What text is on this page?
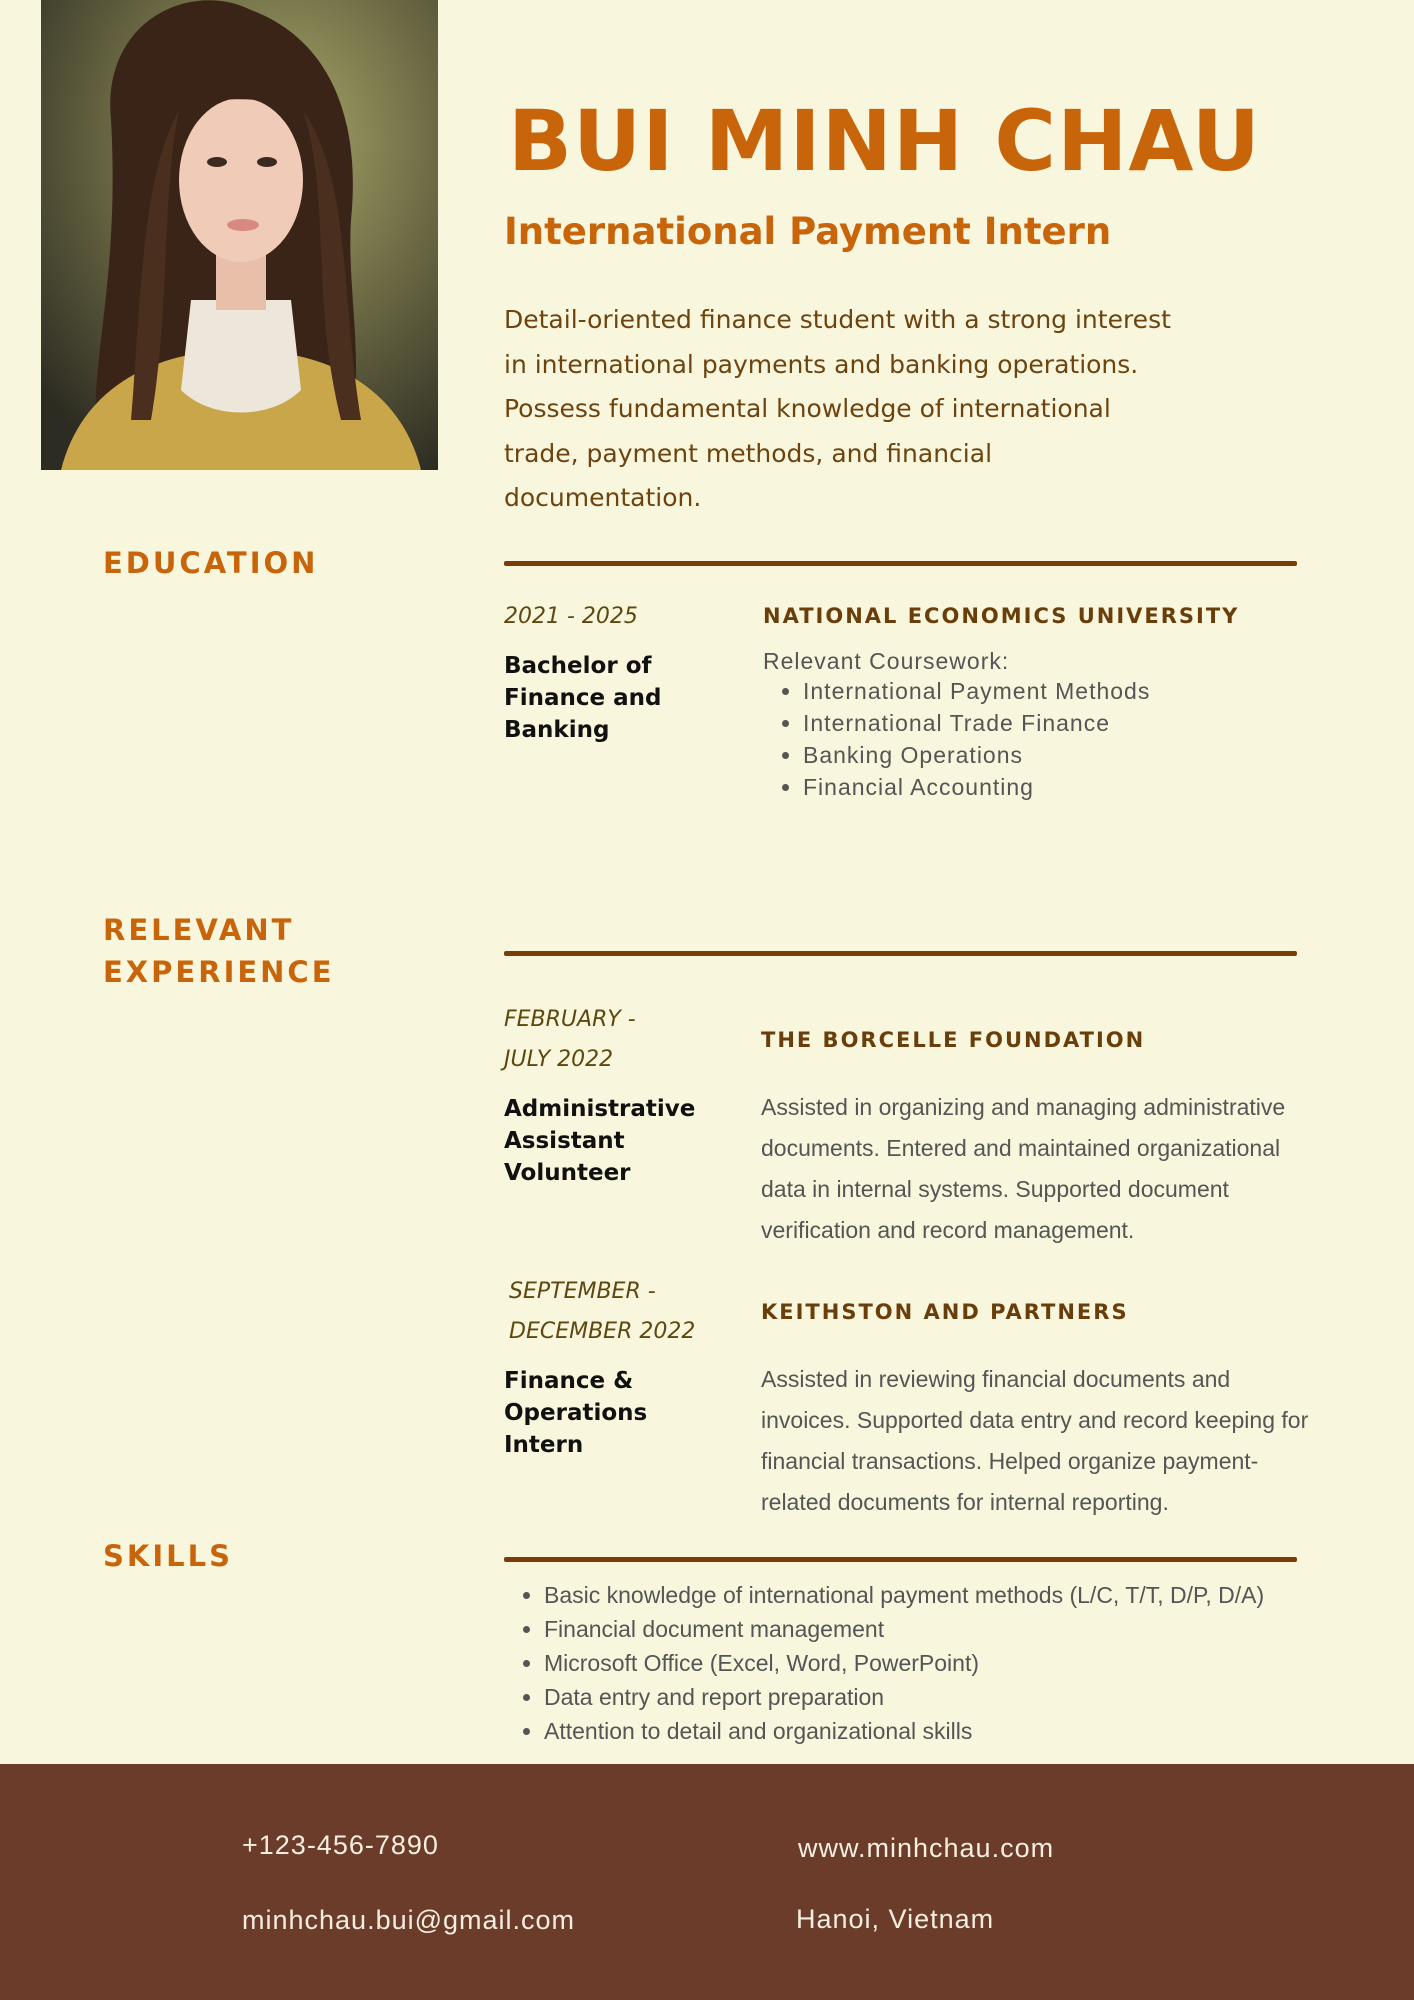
BUI MINH CHAU
International Payment Intern

Detail-oriented finance student with a strong interest in international payments and banking operations. Possess fundamental knowledge of international trade, payment methods, and financial documentation.

EDUCATION

2021 - 2025

Bachelor of Finance and Banking

NATIONAL ECONOMICS UNIVERSITY

Relevant Coursework:

• International Payment Methods
• International Trade Finance
• Banking Operations
• Financial Accounting
RELEVANT
EXPERIENCE

FEBRUARY -

JULY 2022

Administrative Assistant Volunteer

THE BORCELLE FOUNDATION

Assisted in organizing and managing administrative documents. Entered and maintained organizational data in internal systems. Supported document verification and record management.

SEPTEMBER -

DECEMBER 2022

Finance & Operations Intern

KEITHSTON AND PARTNERS

Assisted in reviewing financial documents and invoices. Supported data entry and record keeping for financial transactions. Helped organize payment-related documents for internal reporting.

SKILLS
• Basic knowledge of international payment methods (L/C, T/T, D/P, D/A)
• Financial document management
• Microsoft Office (Excel, Word, PowerPoint)
• Data entry and report preparation
• Attention to detail and organizational skills

+123-456-7890

minhchau.bui@gmail.com

www.minhchau.com

Hanoi, Vietnam
